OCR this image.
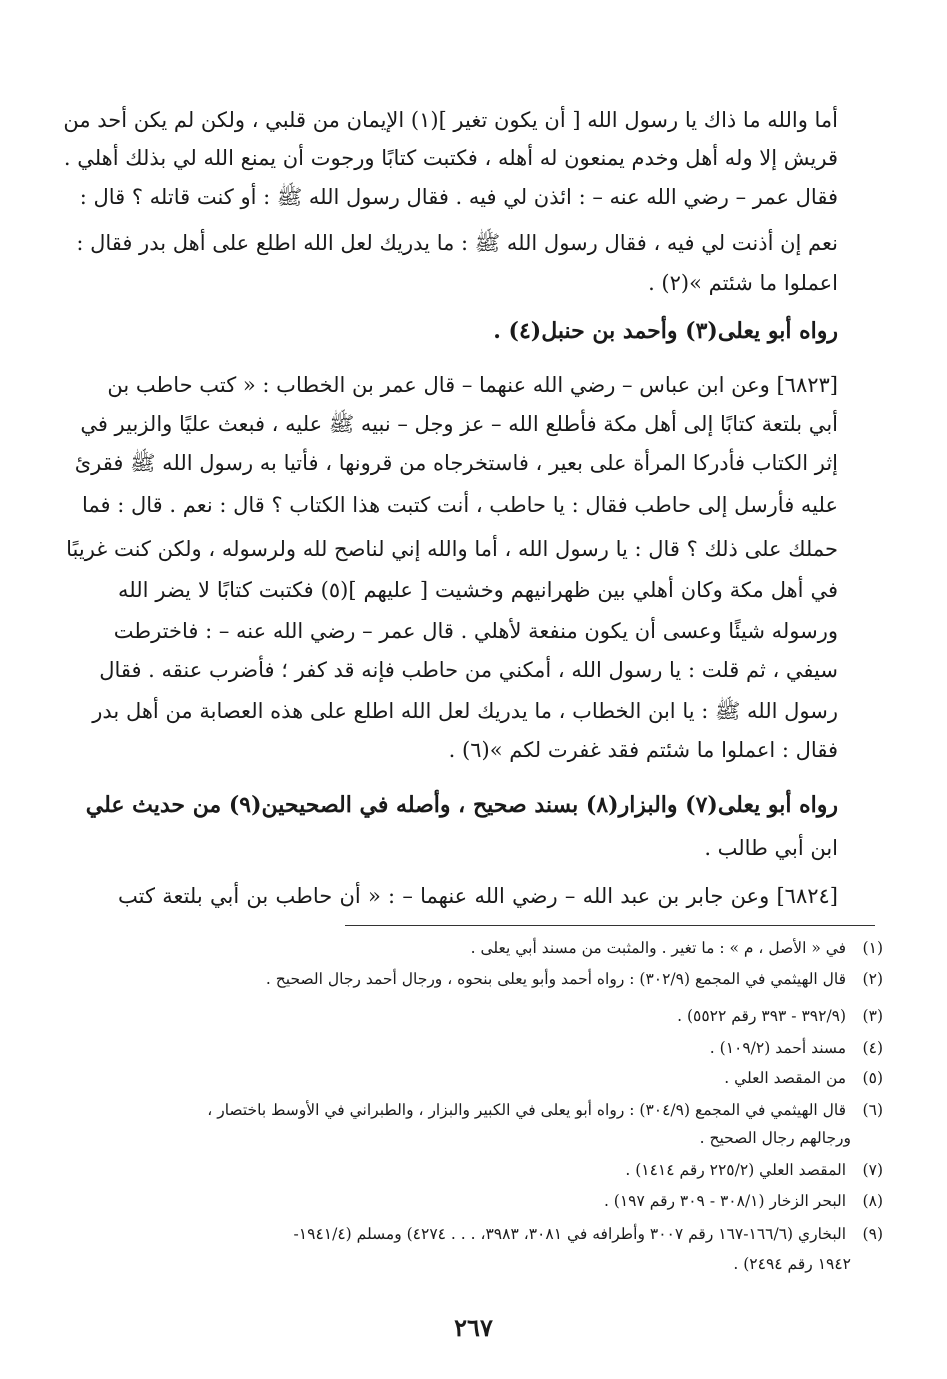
أما والله ما ذاك يا رسول الله [ أن يكون تغير ](١) الإيمان من قلبي ، ولكن لم يكن أحد من
قريش إلا وله أهل وخدم يمنعون له أهله ، فكتبت كتابًا ورجوت أن يمنع الله لي بذلك أهلي .
فقال عمر – رضي الله عنه – : ائذن لي فيه . فقال رسول الله ﷺ : أو كنت قاتله ؟ قال :
نعم إن أذنت لي فيه ، فقال رسول الله ﷺ : ما يدريك لعل الله اطلع على أهل بدر فقال :
اعملوا ما شئتم »(٢) .
رواه أبو يعلى(٣) وأحمد بن حنبل(٤) .
[٦٨٢٣] وعن ابن عباس – رضي الله عنهما – قال عمر بن الخطاب : « كتب حاطب بن
أبي بلتعة كتابًا إلى أهل مكة فأطلع الله – عز وجل – نبيه ﷺ عليه ، فبعث عليًا والزبير في
إثر الكتاب فأدركا المرأة على بعير ، فاستخرجاه من قرونها ، فأتيا به رسول الله ﷺ فقرئ
عليه فأرسل إلى حاطب فقال : يا حاطب ، أنت كتبت هذا الكتاب ؟ قال : نعم . قال : فما
حملك على ذلك ؟ قال : يا رسول الله ، أما والله إني لناصح لله ولرسوله ، ولكن كنت غريبًا
في أهل مكة وكان أهلي بين ظهرانيهم وخشيت [ عليهم ](٥) فكتبت كتابًا لا يضر الله
ورسوله شيئًا وعسى أن يكون منفعة لأهلي . قال عمر – رضي الله عنه – : فاخترطت
سيفي ، ثم قلت : يا رسول الله ، أمكني من حاطب فإنه قد كفر ؛ فأضرب عنقه . فقال
رسول الله ﷺ : يا ابن الخطاب ، ما يدريك لعل الله اطلع على هذه العصابة من أهل بدر
فقال : اعملوا ما شئتم فقد غفرت لكم »(٦) .
رواه أبو يعلى(٧) والبزار(٨) بسند صحيح ، وأصله في الصحيحين(٩) من حديث علي
ابن أبي طالب .
[٦٨٢٤] وعن جابر بن عبد الله – رضي الله عنهما – : « أن حاطب بن أبي بلتعة كتب
(١) في « الأصل ، م » : ما تغير . والمثبت من مسند أبي يعلى .
(٢) قال الهيثمي في المجمع (٣٠٢/٩) : رواه أحمد وأبو يعلى بنحوه ، ورجال أحمد رجال الصحيح .
(٣) (٣٩٢/٩ - ٣٩٣ رقم ٥٥٢٢) .
(٤) مسند أحمد (١٠٩/٢) .
(٥) من المقصد العلي .
(٦) قال الهيثمي في المجمع (٣٠٤/٩) : رواه أبو يعلى في الكبير والبزار ، والطبراني في الأوسط باختصار ،
ورجالهم رجال الصحيح .
(٧) المقصد العلي (٢٢٥/٢ رقم ١٤١٤) .
(٨) البحر الزخار (٣٠٨/١ - ٣٠٩ رقم ١٩٧) .
(٩) البخاري (١٦٦/٦-١٦٧ رقم ٣٠٠٧ وأطرافه في ٣٠٨١، ٣٩٨٣، . . . ٤٢٧٤) ومسلم (١٩٤١/٤-
١٩٤٢ رقم ٢٤٩٤) .
٢٦٧
